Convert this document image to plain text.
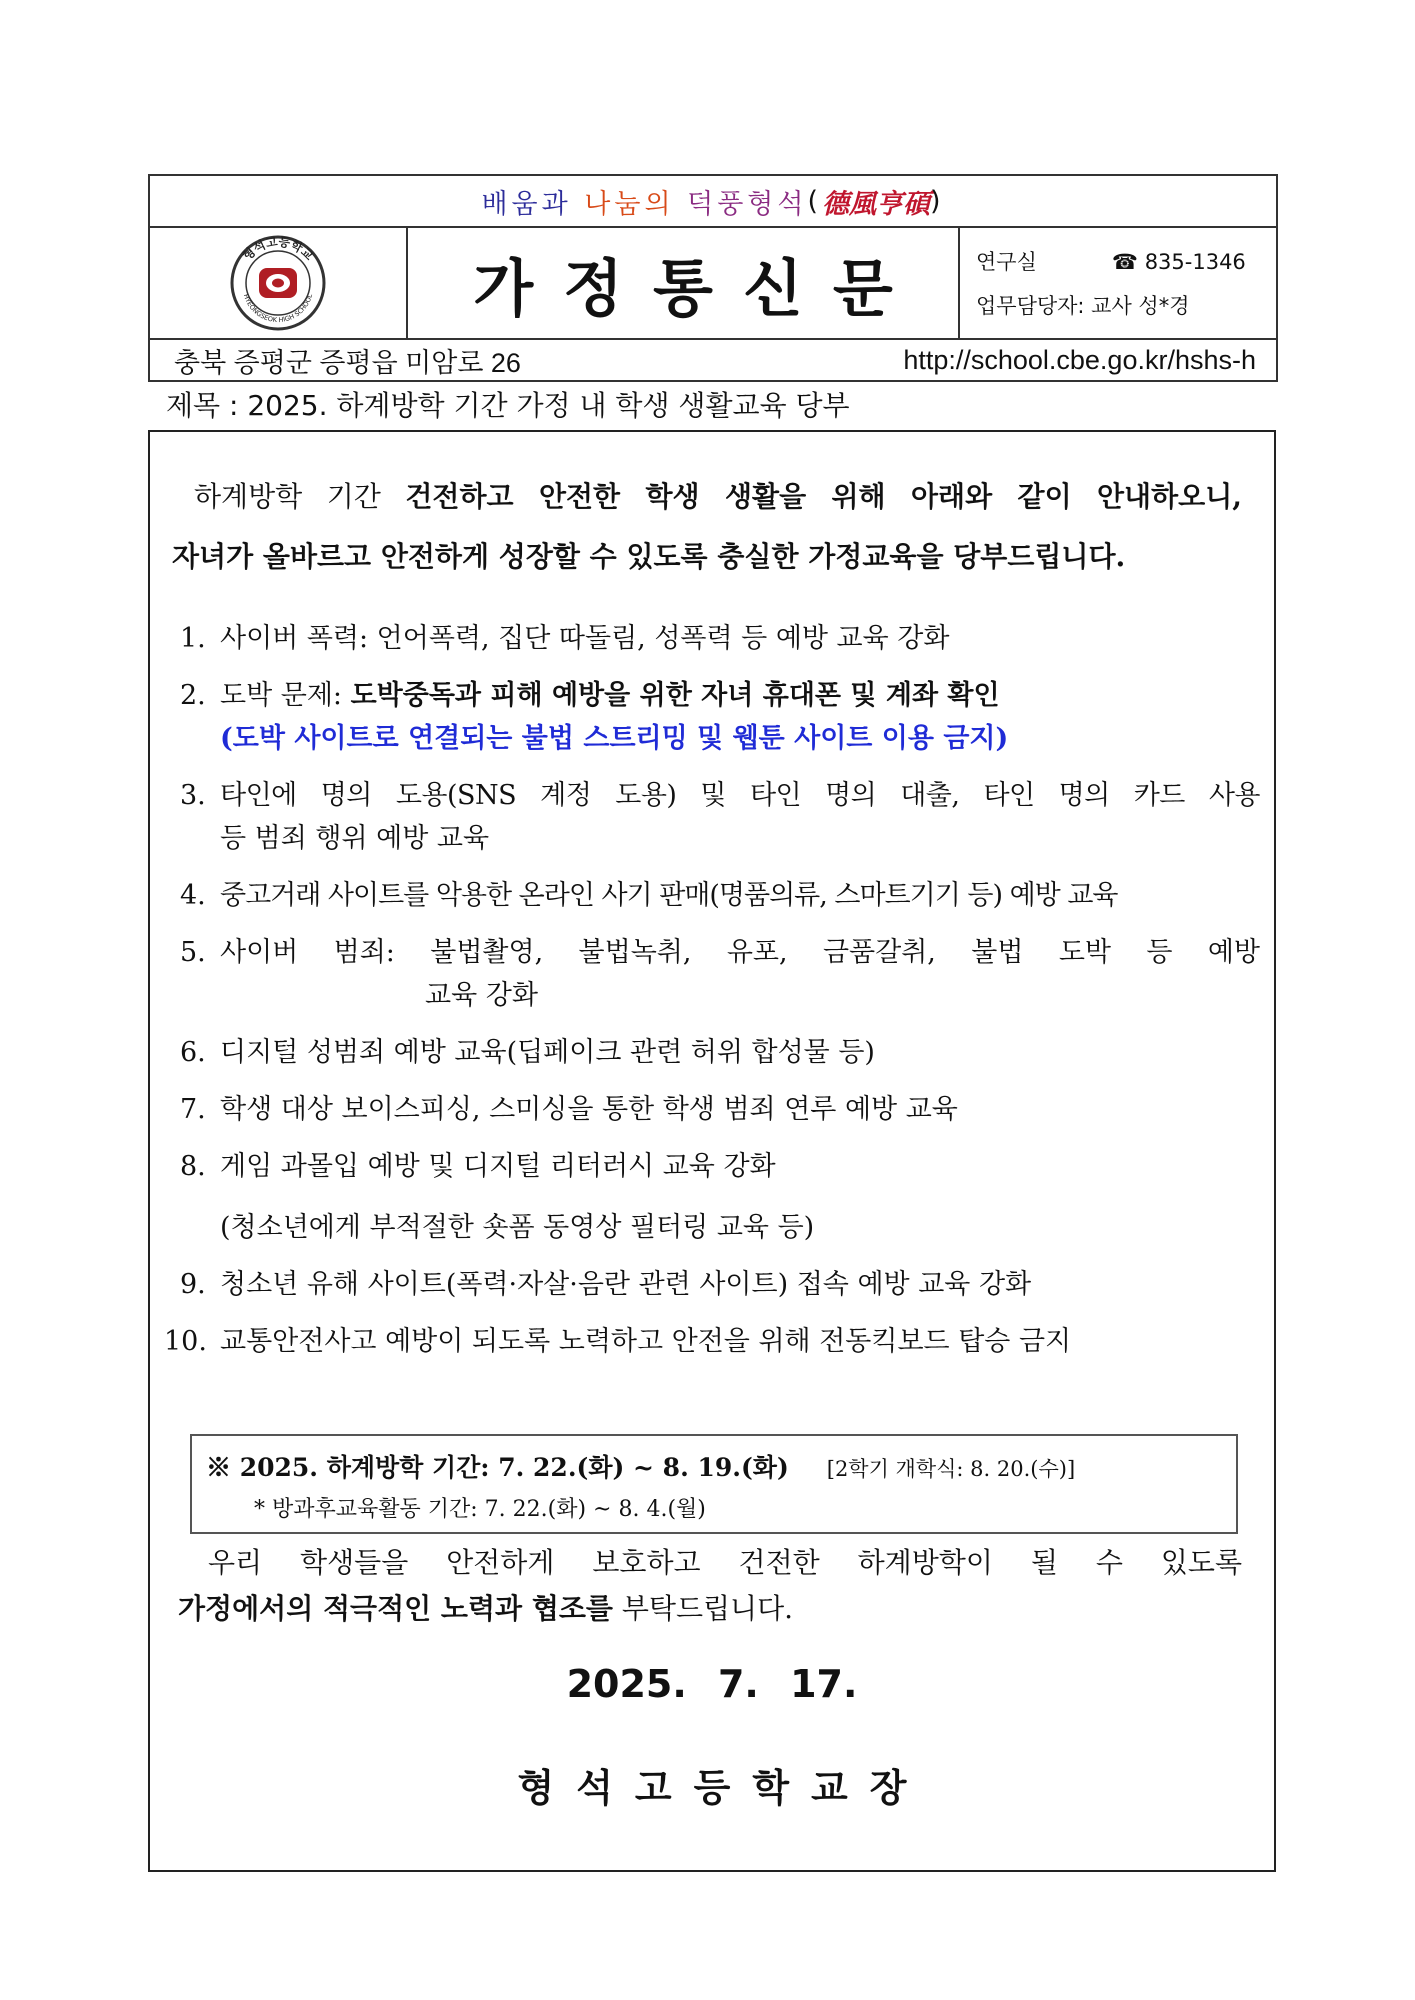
배움과
나눔의
덕풍형석 ( 德風亨碩 )
형석고등학교
HYEONGSEOK HIGH SCHOOL	가정통신문	연구실	☎ 835-1346
업무담당자: 교사 성*경
충북 증평군 증평읍 미암로 26	http://school.cbe.go.kr/hshs-h
제목 : 2025. 하계방학 기간 가정 내 학생 생활교육 당부
하계방학 기간 건전하고 안전한 학생 생활을 위해 아래와 같이 안내하오니,
자녀가 올바르고 안전하게 성장할 수 있도록 충실한 가정교육을 당부드립니다.
1. 사이버 폭력: 언어폭력, 집단 따돌림, 성폭력 등 예방 교육 강화
2. 도박 문제: 도박중독과 피해 예방을 위한 자녀 휴대폰 및 계좌 확인
(도박 사이트로 연결되는 불법 스트리밍 및 웹툰 사이트 이용 금지)
3. 타인에 명의 도용(SNS 계정 도용) 및 타인 명의 대출, 타인 명의 카드 사용
등 범죄 행위 예방 교육
4. 중고거래 사이트를 악용한 온라인 사기 판매(명품의류, 스마트기기 등) 예방 교육
5. 사이버 범죄: 불법촬영, 불법녹취, 유포, 금품갈취, 불법 도박 등 예방
교육 강화
6. 디지털 성범죄 예방 교육(딥페이크 관련 허위 합성물 등)
7. 학생 대상 보이스피싱, 스미싱을 통한 학생 범죄 연루 예방 교육
8. 게임 과몰입 예방 및 디지털 리터러시 교육 강화
(청소년에게 부적절한 숏폼 동영상 필터링 교육 등)
9. 청소년 유해 사이트(폭력·자살·음란 관련 사이트) 접속 예방 교육 강화
10. 교통안전사고 예방이 되도록 노력하고 안전을 위해 전동킥보드 탑승 금지
※ 2025. 하계방학 기간: 7. 22.(화) ~ 8. 19.(화) [2학기 개학식: 8. 20.(수)]
* 방과후교육활동 기간: 7. 22.(화) ~ 8. 4.(월)
우리 학생들을 안전하게 보호하고 건전한 하계방학이 될 수 있도록
가정에서의 적극적인 노력과 협조를 부탁드립니다.
2025. 7. 17.
형석고등학교장
